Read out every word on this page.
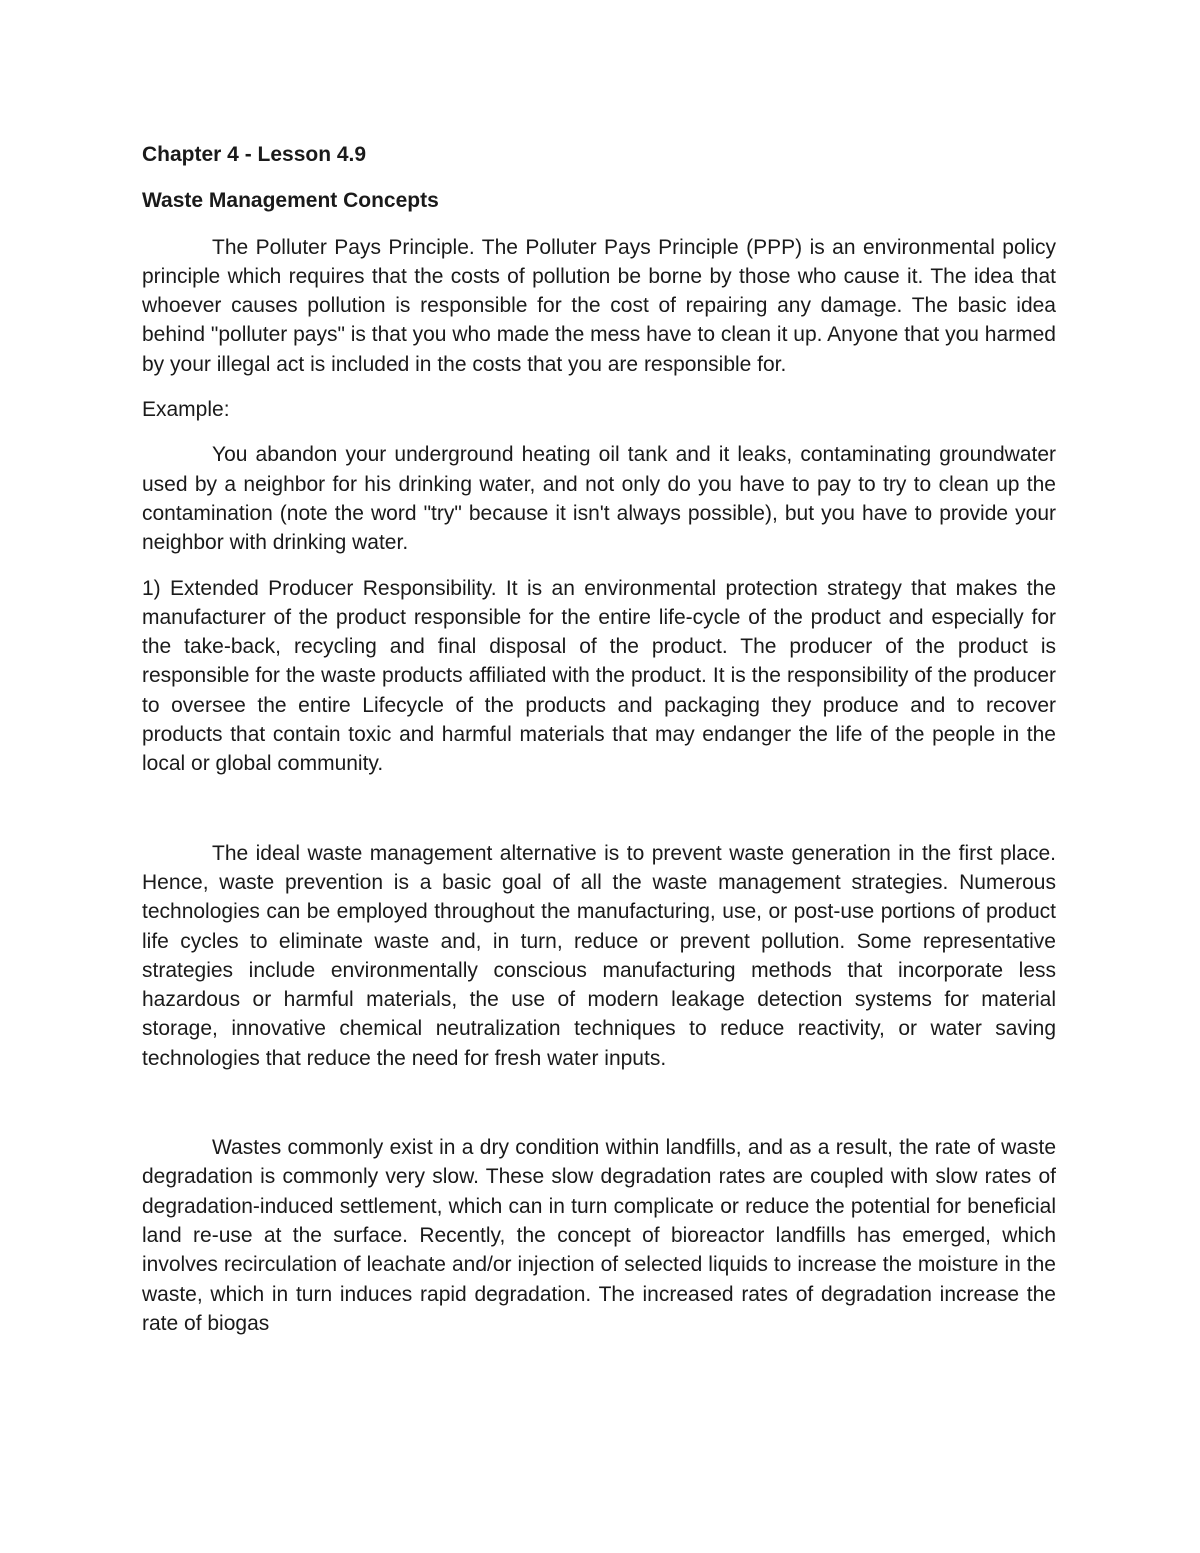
Chapter 4 - Lesson 4.9

Waste Management Concepts

The Polluter Pays Principle. The Polluter Pays Principle (PPP) is an environmental policy principle which requires that the costs of pollution be borne by those who cause it. The idea that whoever causes pollution is responsible for the cost of repairing any damage. The basic idea behind "polluter pays" is that you who made the mess have to clean it up. Anyone that you harmed by your illegal act is included in the costs that you are responsible for.

Example:

You abandon your underground heating oil tank and it leaks, contaminating groundwater used by a neighbor for his drinking water, and not only do you have to pay to try to clean up the contamination (note the word "try" because it isn't always possible), but you have to provide your neighbor with drinking water.

1) Extended Producer Responsibility. It is an environmental protection strategy that makes the manufacturer of the product responsible for the entire life-cycle of the product and especially for the take-back, recycling and final disposal of the product. The producer of the product is responsible for the waste products affiliated with the product. It is the responsibility of the producer to oversee the entire Lifecycle of the products and packaging they produce and to recover products that contain toxic and harmful materials that may endanger the life of the people in the local or global community.

The ideal waste management alternative is to prevent waste generation in the first place. Hence, waste prevention is a basic goal of all the waste management strategies. Numerous technologies can be employed throughout the manufacturing, use, or post-use portions of product life cycles to eliminate waste and, in turn, reduce or prevent pollution. Some representative strategies include environmentally conscious manufacturing methods that incorporate less hazardous or harmful materials, the use of modern leakage detection systems for material storage, innovative chemical neutralization techniques to reduce reactivity, or water saving technologies that reduce the need for fresh water inputs.

Wastes commonly exist in a dry condition within landfills, and as a result, the rate of waste degradation is commonly very slow. These slow degradation rates are coupled with slow rates of degradation-induced settlement, which can in turn complicate or reduce the potential for beneficial land re-use at the surface. Recently, the concept of bioreactor landfills has emerged, which involves recirculation of leachate and/or injection of selected liquids to increase the moisture in the waste, which in turn induces rapid degradation. The increased rates of degradation increase the rate of biogas
